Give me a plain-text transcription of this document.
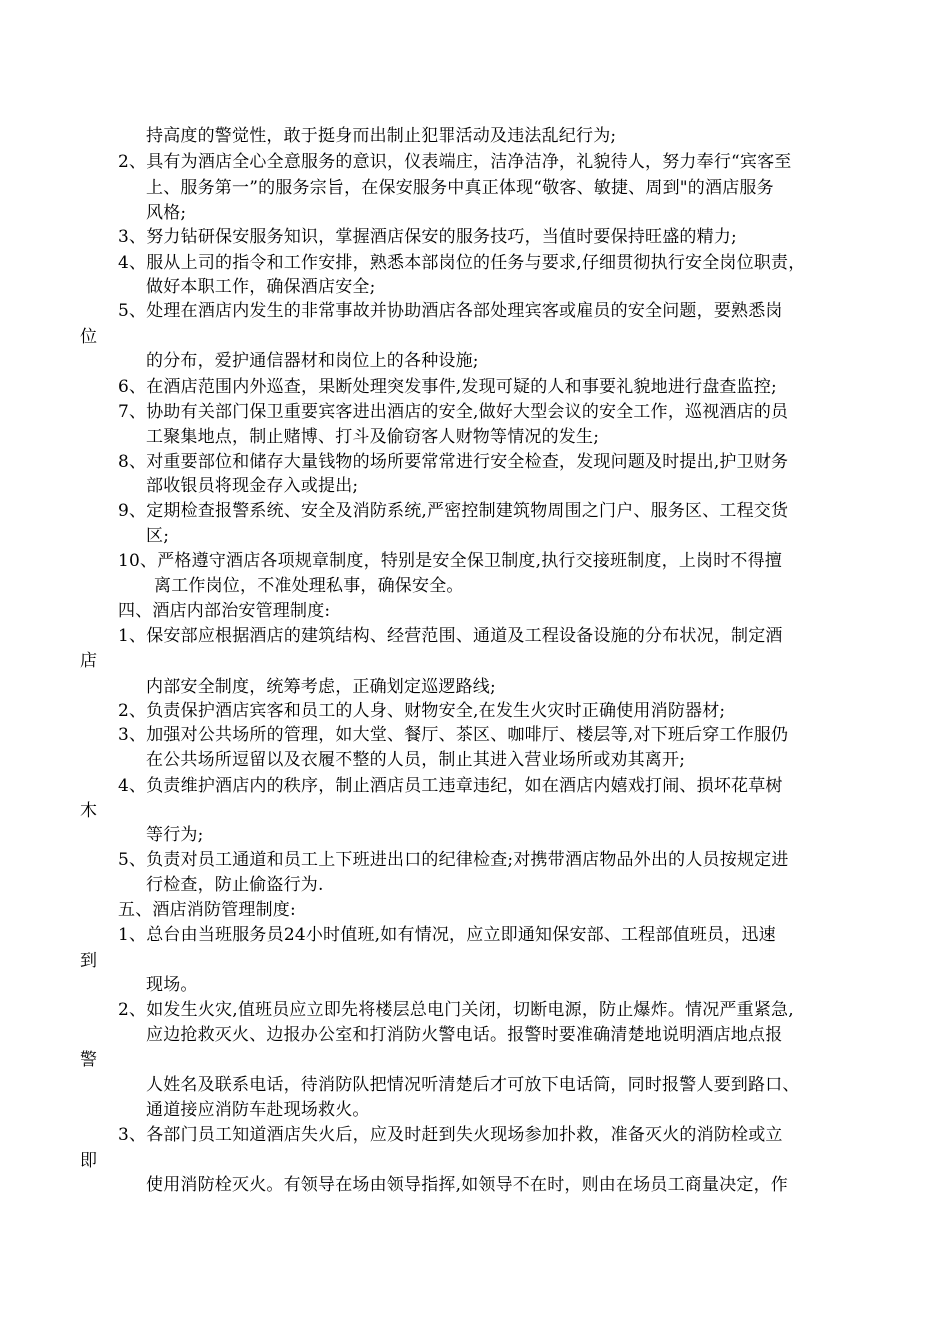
持高度的警觉性，敢于挺身而出制止犯罪活动及违法乱纪行为;
2、具有为酒店全心全意服务的意识，仪表端庄，洁净洁净，礼貌待人，努力奉行“宾客至
上、服务第一”的服务宗旨，在保安服务中真正体现“敬客、敏捷、周到"的酒店服务
风格;
3、努力钻研保安服务知识，掌握酒店保安的服务技巧，当值时要保持旺盛的精力;
4、服从上司的指令和工作安排，熟悉本部岗位的任务与要求,仔细贯彻执行安全岗位职责，
做好本职工作，确保酒店安全;
5、处理在酒店内发生的非常事故并协助酒店各部处理宾客或雇员的安全问题，要熟悉岗
位
的分布，爱护通信器材和岗位上的各种设施;
6、在酒店范围内外巡查，果断处理突发事件,发现可疑的人和事要礼貌地进行盘查监控;
7、协助有关部门保卫重要宾客进出酒店的安全,做好大型会议的安全工作，巡视酒店的员
工聚集地点，制止赌博、打斗及偷窃客人财物等情况的发生;
8、对重要部位和储存大量钱物的场所要常常进行安全检查，发现问题及时提出,护卫财务
部收银员将现金存入或提出;
9、定期检查报警系统、安全及消防系统,严密控制建筑物周围之门户、服务区、工程交货
区;
10、严格遵守酒店各项规章制度，特别是安全保卫制度,执行交接班制度，上岗时不得擅
离工作岗位，不准处理私事，确保安全。
四、酒店内部治安管理制度:
1、保安部应根据酒店的建筑结构、经营范围、通道及工程设备设施的分布状况，制定酒
店
内部安全制度，统筹考虑，正确划定巡逻路线;
2、负责保护酒店宾客和员工的人身、财物安全,在发生火灾时正确使用消防器材;
3、加强对公共场所的管理，如大堂、餐厅、茶区、咖啡厅、楼层等,对下班后穿工作服仍
在公共场所逗留以及衣履不整的人员，制止其进入营业场所或劝其离开;
4、负责维护酒店内的秩序，制止酒店员工违章违纪，如在酒店内嬉戏打闹、损坏花草树
木
等行为;
5、负责对员工通道和员工上下班进出口的纪律检查;对携带酒店物品外出的人员按规定进
行检查，防止偷盗行为.
五、酒店消防管理制度:
1、总台由当班服务员24小时值班,如有情况，应立即通知保安部、工程部值班员，迅速
到
现场。
2、如发生火灾,值班员应立即先将楼层总电门关闭，切断电源，防止爆炸。情况严重紧急,
应边抢救灭火、边报办公室和打消防火警电话。报警时要准确清楚地说明酒店地点报
警
人姓名及联系电话，待消防队把情况听清楚后才可放下电话筒，同时报警人要到路口、
通道接应消防车赴现场救火。
3、各部门员工知道酒店失火后，应及时赶到失火现场参加扑救，准备灭火的消防栓或立
即
使用消防栓灭火。有领导在场由领导指挥,如领导不在时，则由在场员工商量决定，作
